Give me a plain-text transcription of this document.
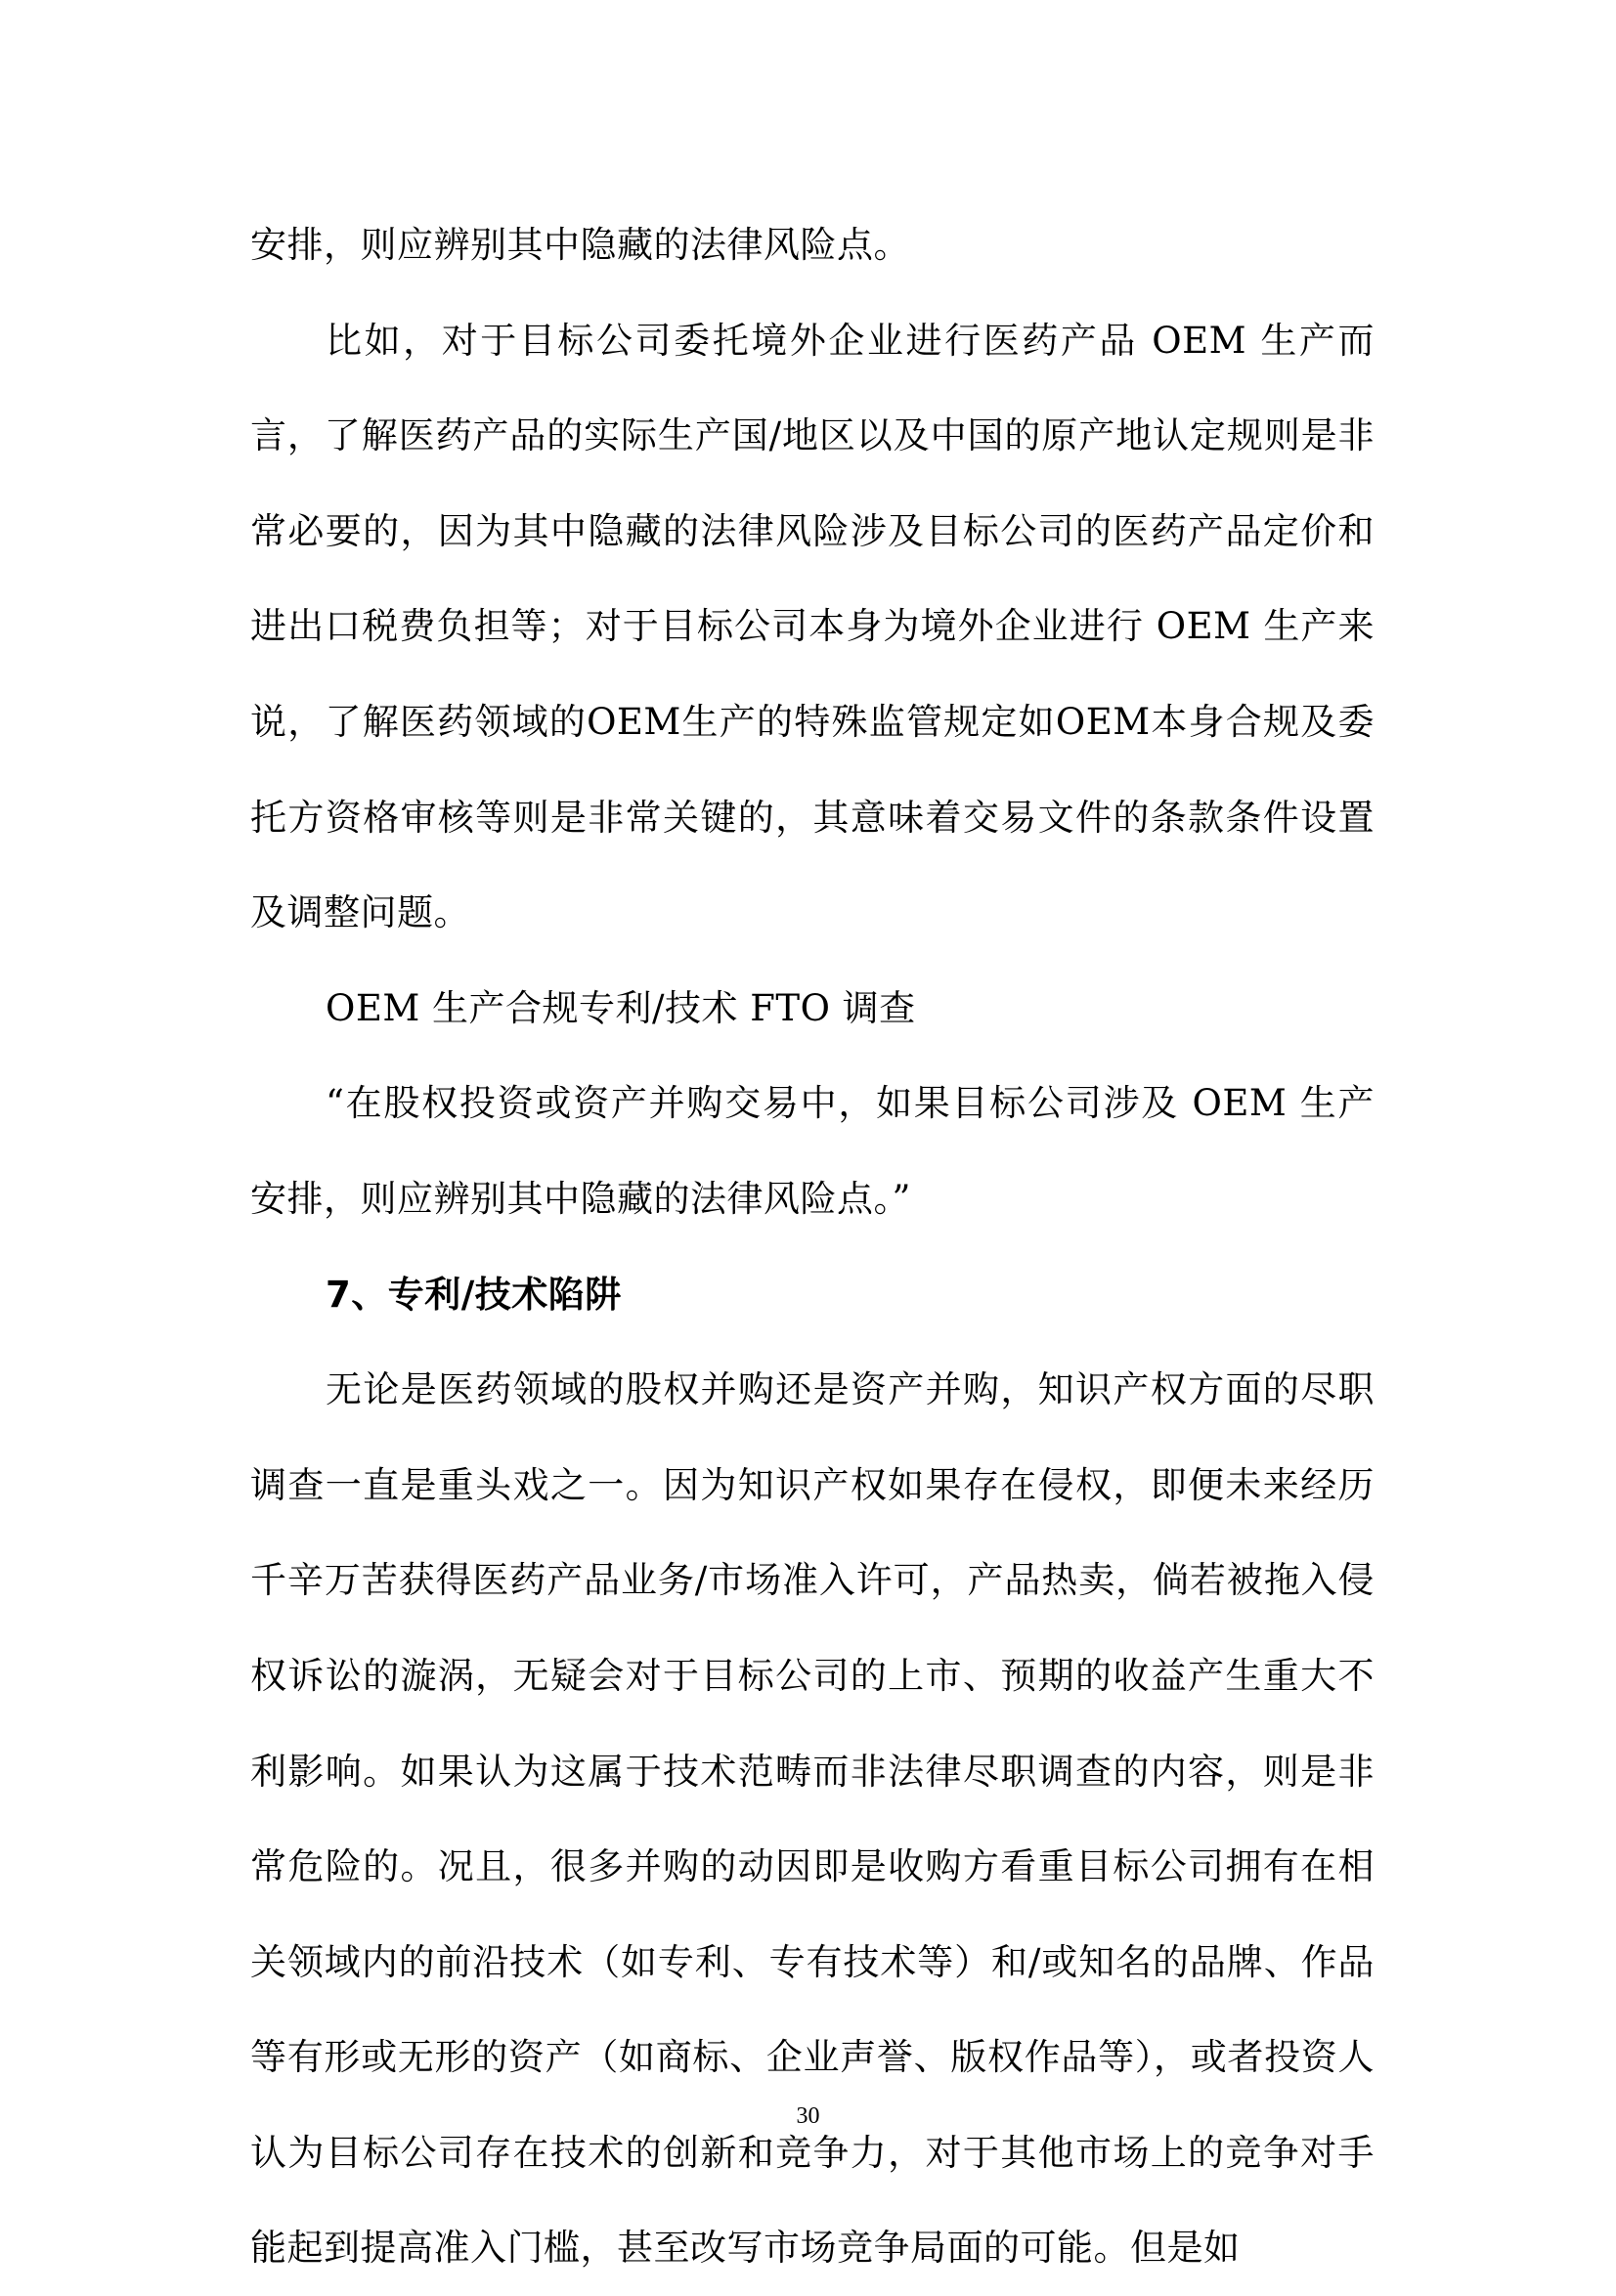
安排，则应辨别其中隐藏的法律风险点。

比如，对于目标公司委托境外企业进行医药产品 OEM 生产而言，了解医药产品的实际生产国/地区以及中国的原产地认定规则是非常必要的，因为其中隐藏的法律风险涉及目标公司的医药产品定价和进出口税费负担等；对于目标公司本身为境外企业进行 OEM 生产来说，了解医药领域的OEM生产的特殊监管规定如OEM本身合规及委托方资格审核等则是非常关键的，其意味着交易文件的条款条件设置及调整问题。

OEM 生产合规专利/技术 FTO 调查

“在股权投资或资产并购交易中，如果目标公司涉及 OEM 生产安排，则应辨别其中隐藏的法律风险点。”

7、专利/技术陷阱

无论是医药领域的股权并购还是资产并购，知识产权方面的尽职调查一直是重头戏之一。因为知识产权如果存在侵权，即便未来经历千辛万苦获得医药产品业务/市场准入许可，产品热卖，倘若被拖入侵权诉讼的漩涡，无疑会对于目标公司的上市、预期的收益产生重大不利影响。如果认为这属于技术范畴而非法律尽职调查的内容，则是非常危险的。况且，很多并购的动因即是收购方看重目标公司拥有在相关领域内的前沿技术（如专利、专有技术等）和/或知名的品牌、作品等有形或无形的资产（如商标、企业声誉、版权作品等），或者投资人认为目标公司存在技术的创新和竞争力，对于其他市场上的竞争对手能起到提高准入门槛，甚至改写市场竞争局面的可能。但是如

30
